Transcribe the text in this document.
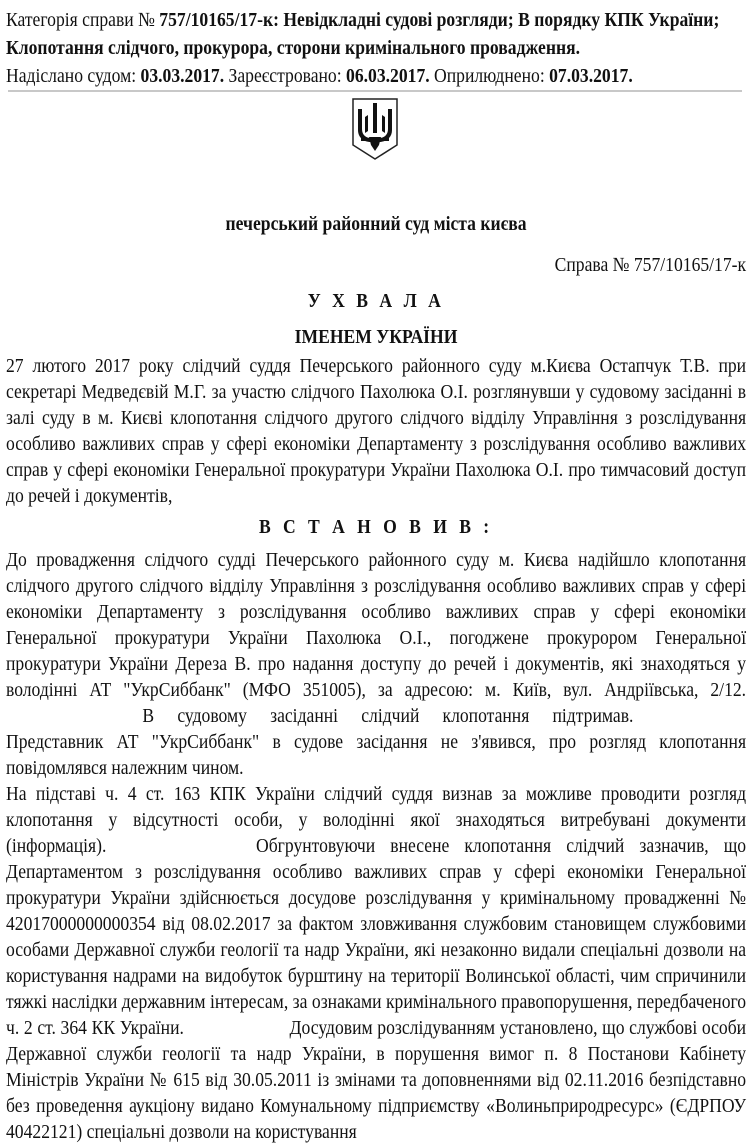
Категорія справи № 757/10165/17-к: Невідкладні судові розгляди; В порядку КПК України; Клопотання слідчого, прокурора, сторони кримінального провадження.

Надіслано судом: 03.03.2017. Зареєстровано: 06.03.2017. Оприлюднено: 07.03.2017.

печерський районний суд міста києва
Справа № 757/10165/17-к
У Х В А Л А
ІМЕНЕМ УКРАЇНИ

27 лютого 2017 року слідчий суддя Печерського районного суду м.Києва Остапчук Т.В. при секретарі Медведєвій М.Г. за участю слідчого Пахолюка О.І. розглянувши у судовому засіданні в залі суду в м. Києві клопотання слідчого другого слідчого відділу Управління з розслідування особливо важливих справ у сфері економіки Департаменту з розслідування особливо важливих справ у сфері економіки Генеральної прокуратури України Пахолюка О.І. про тимчасовий доступ до речей і документів,

В С Т А Н О В И В :

До провадження слідчого судді Печерського районного суду м. Києва надійшло клопотання слідчого другого слідчого відділу Управління з розслідування особливо важливих справ у сфері економіки Департаменту з розслідування особливо важливих справ у сфері економіки Генеральної прокуратури України Пахолюка О.І., погоджене прокурором Генеральної прокуратури України Дереза В. про надання доступу до речей і документів, які знаходяться у володінні АТ "УкрСиббанк" (МФО 351005), за адресою: м. Київ, вул. Андріївська, 2/12.В судовому засіданні слідчий клопотання підтримав.Представник АТ "УкрСиббанк" в судове засідання не з'явився, про розгляд клопотання повідомлявся належним чином.

На підставі ч. 4 ст. 163 КПК України слідчий суддя визнав за можливе проводити розгляд клопотання у відсутності особи, у володінні якої знаходяться витребувані документи (інформація).	Обгрунтовуючи внесене клопотання слідчий зазначив, що Департаментом з розслідування особливо важливих справ у сфері економіки Генеральної прокуратури України здійснюється досудове розслідування у кримінальному провадженні № 42017000000000354 від 08.02.2017 за фактом зловживання службовим становищем службовими особами Державної служби геології та надр України, які незаконно видали спеціальні дозволи на користування надрами на видобуток бурштину на території Волинської області, чим спричинили тяжкі наслідки державним інтересам, за ознаками кримінального правопорушення, передбаченого ч. 2 ст. 364 КК України.	Досудовим розслідуванням установлено, що службові особи Державної служби геології та надр України, в порушення вимог п. 8 Постанови Кабінету Міністрів України № 615 від 30.05.2011 із змінами та доповненнями від 02.11.2016 безпідставно без проведення аукціону видано Комунальному підприємству «Волиньприродресурс» (ЄДРПОУ 40422121) спеціальні дозволи на користування
